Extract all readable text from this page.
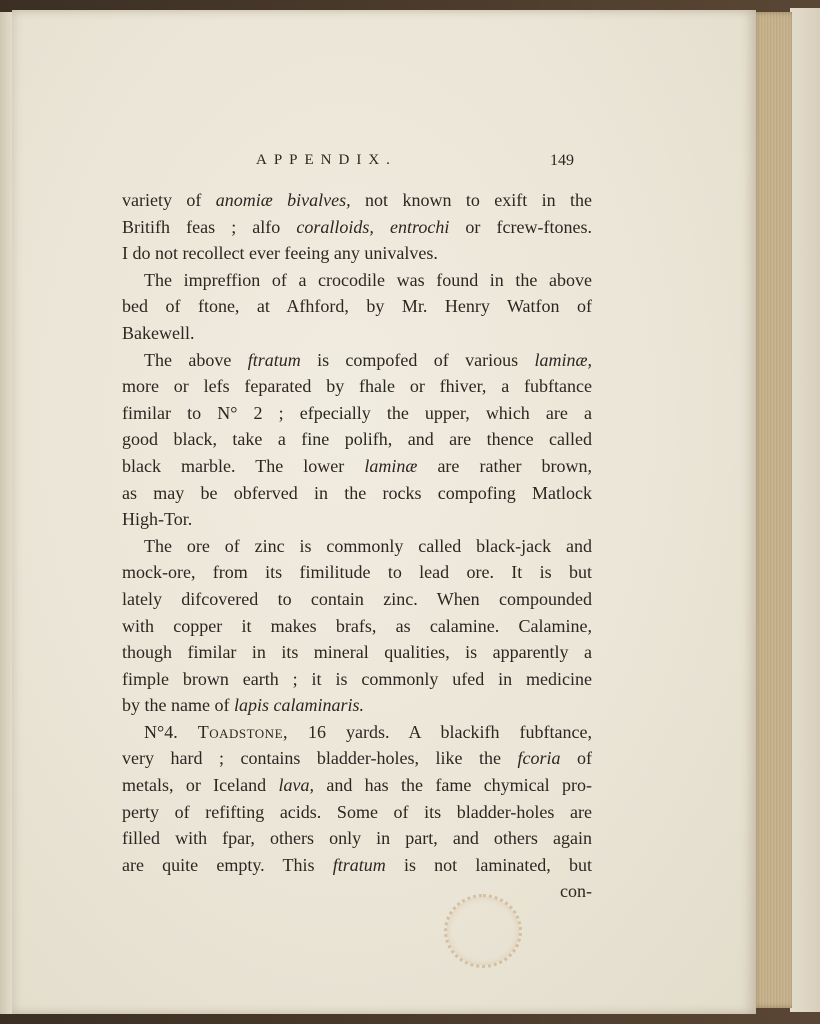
APPENDIX.	149
variety of anomiæ bivalves, not known to exift in the
Britifh feas ; alfo coralloids, entrochi or fcrew-ftones.
I do not recollect ever feeing any univalves.
The impreffion of a crocodile was found in the above
bed of ftone, at Afhford, by Mr. Henry Watfon of
Bakewell.
The above ftratum is compofed of various laminæ,
more or lefs feparated by fhale or fhiver, a fubftance
fimilar to N° 2 ; efpecially the upper, which are a
good black, take a fine polifh, and are thence called
black marble. The lower laminæ are rather brown,
as may be obferved in the rocks compofing Matlock
High-Tor.
The ore of zinc is commonly called black-jack and
mock-ore, from its fimilitude to lead ore. It is but
lately difcovered to contain zinc. When compounded
with copper it makes brafs, as calamine. Calamine,
though fimilar in its mineral qualities, is apparently a
fimple brown earth ; it is commonly ufed in medicine
by the name of lapis calaminaris.
N°4. Toadstone, 16 yards. A blackifh fubftance,
very hard ; contains bladder-holes, like the fcoria of
metals, or Iceland lava, and has the fame chymical pro-
perty of refifting acids. Some of its bladder-holes are
filled with fpar, others only in part, and others again
are quite empty. This ftratum is not laminated, but
con-
